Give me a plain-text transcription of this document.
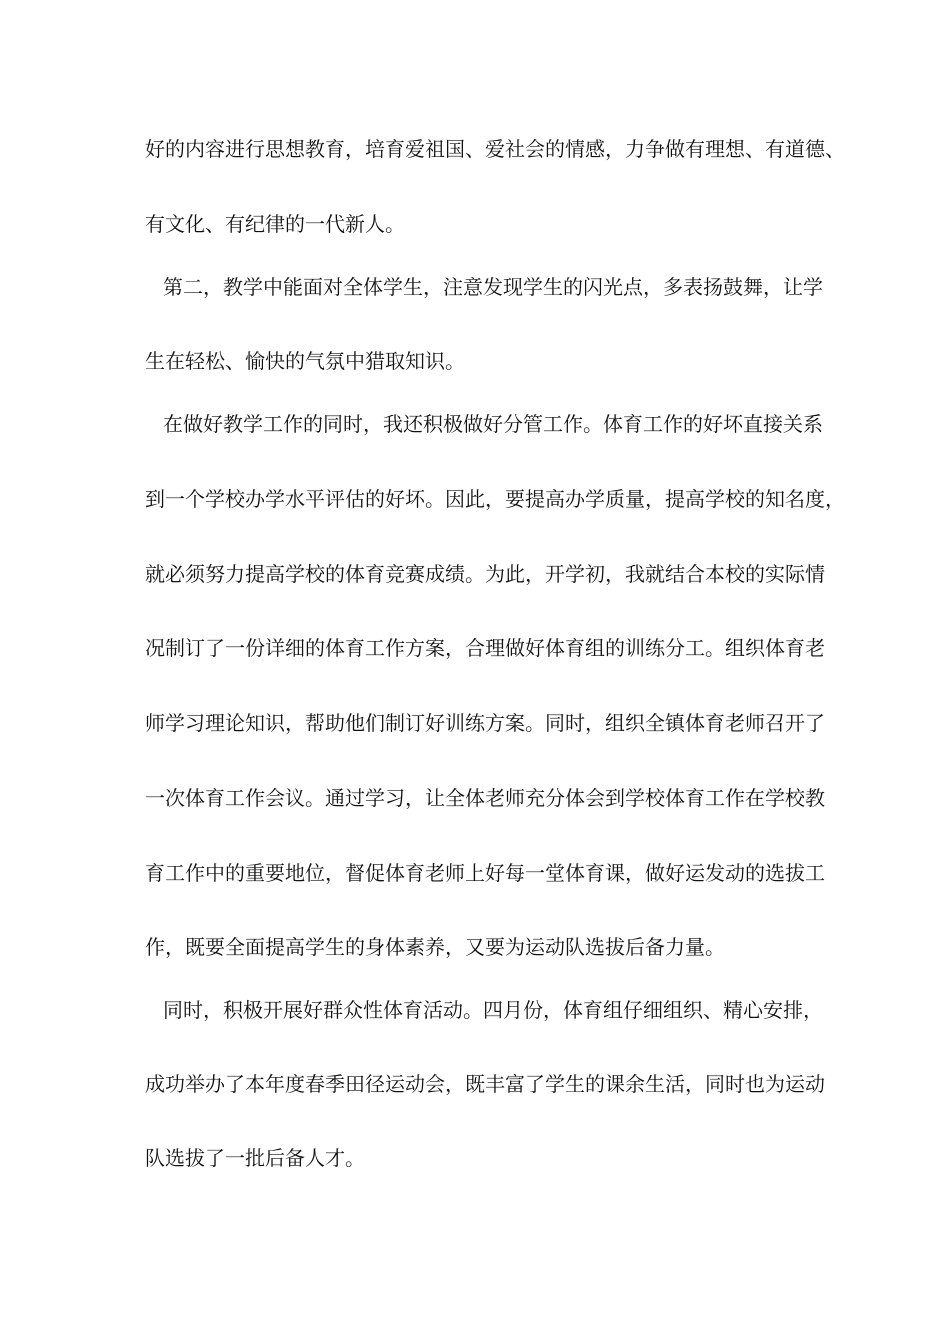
好的内容进行思想教育，培育爱祖国、爱社会的情感，力争做有理想、有道德、
有文化、有纪律的一代新人。
第二，教学中能面对全体学生，注意发现学生的闪光点，多表扬鼓舞，让学
生在轻松、愉快的气氛中猎取知识。
在做好教学工作的同时，我还积极做好分管工作。体育工作的好坏直接关系
到一个学校办学水平评估的好坏。因此，要提高办学质量，提高学校的知名度，
就必须努力提高学校的体育竞赛成绩。为此，开学初，我就结合本校的实际情
况制订了一份详细的体育工作方案，合理做好体育组的训练分工。组织体育老
师学习理论知识，帮助他们制订好训练方案。同时，组织全镇体育老师召开了
一次体育工作会议。通过学习，让全体老师充分体会到学校体育工作在学校教
育工作中的重要地位，督促体育老师上好每一堂体育课，做好运发动的选拔工
作，既要全面提高学生的身体素养，又要为运动队选拔后备力量。
同时，积极开展好群众性体育活动。四月份，体育组仔细组织、精心安排，
成功举办了本年度春季田径运动会，既丰富了学生的课余生活，同时也为运动
队选拔了一批后备人才。
